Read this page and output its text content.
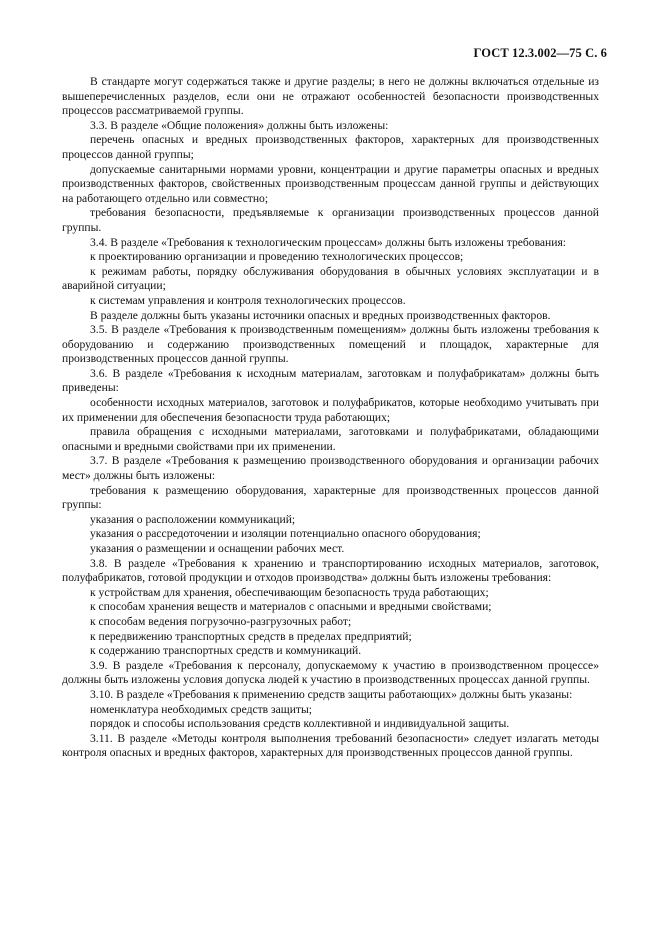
ГОСТ 12.3.002—75 С. 6

В стандарте могут содержаться также и другие разделы; в него не должны включаться отдельные из вышеперечисленных разделов, если они не отражают особенностей безопасности производственных процессов рассматриваемой группы.

3.3. В разделе «Общие положения» должны быть изложены:

перечень опасных и вредных производственных факторов, характерных для производственных процессов данной группы;

допускаемые санитарными нормами уровни, концентрации и другие параметры опасных и вредных производственных факторов, свойственных производственным процессам данной группы и действующих на работающего отдельно или совместно;

требования безопасности, предъявляемые к организации производственных процессов данной группы.

3.4. В разделе «Требования к технологическим процессам» должны быть изложены требования:

к проектированию организации и проведению технологических процессов;

к режимам работы, порядку обслуживания оборудования в обычных условиях эксплуатации и в аварийной ситуации;

к системам управления и контроля технологических процессов.

В разделе должны быть указаны источники опасных и вредных производственных факторов.

3.5. В разделе «Требования к производственным помещениям» должны быть изложены требования к оборудованию и содержанию производственных помещений и площадок, характерные для производственных процессов данной группы.

3.6. В разделе «Требования к исходным материалам, заготовкам и полуфабрикатам» должны быть приведены:

особенности исходных материалов, заготовок и полуфабрикатов, которые необходимо учитывать при их применении для обеспечения безопасности труда работающих;

правила обращения с исходными материалами, заготовками и полуфабрикатами, обладающими опасными и вредными свойствами при их применении.

3.7. В разделе «Требования к размещению производственного оборудования и организации рабочих мест» должны быть изложены:

требования к размещению оборудования, характерные для производственных процессов данной группы:

указания о расположении коммуникаций;

указания о рассредоточении и изоляции потенциально опасного оборудования;

указания о размещении и оснащении рабочих мест.

3.8. В разделе «Требования к хранению и транспортированию исходных материалов, заготовок, полуфабрикатов, готовой продукции и отходов производства» должны быть изложены требования:

к устройствам для хранения, обеспечивающим безопасность труда работающих;

к способам хранения веществ и материалов с опасными и вредными свойствами;

к способам ведения погрузочно-разгрузочных работ;

к передвижению транспортных средств в пределах предприятий;

к содержанию транспортных средств и коммуникаций.

3.9. В разделе «Требования к персоналу, допускаемому к участию в производственном процессе» должны быть изложены условия допуска людей к участию в производственных процессах данной группы.

3.10. В разделе «Требования к применению средств защиты работающих» должны быть указаны:

номенклатура необходимых средств защиты;

порядок и способы использования средств коллективной и индивидуальной защиты.

3.11. В разделе «Методы контроля выполнения требований безопасности» следует излагать методы контроля опасных и вредных факторов, характерных для производственных процессов данной группы.
